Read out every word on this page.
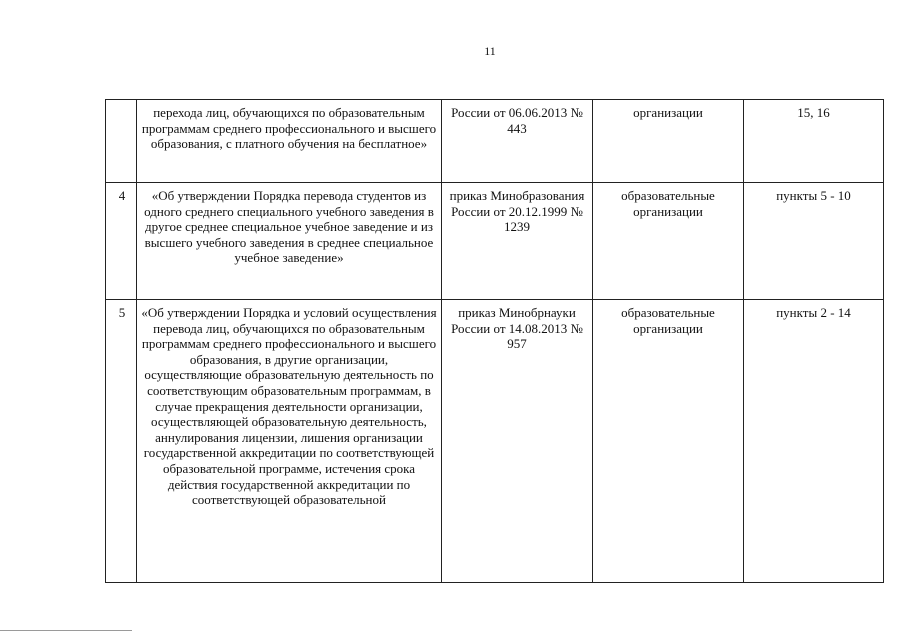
11
	перехода лиц, обучающихся по образовательным программам среднего профессионального и высшего образования, с платного обучения на бесплатное»	России от 06.06.2013 № 443	организации	15, 16
4	«Об утверждении Порядка перевода студентов из одного среднего специального учебного заведения в другое среднее специальное учебное заведение и из высшего учебного заведения в среднее специальное учебное заведение»	приказ Минобразования России от 20.12.1999 № 1239	образовательные организации	пункты 5 - 10
5	«Об утверждении Порядка и условий осуществления перевода лиц, обучающихся по образовательным программам среднего профессионального и высшего образования, в другие организации, осуществляющие образовательную деятельность по соответствующим образовательным программам, в случае прекращения деятельности организации, осуществляющей образовательную деятельность, аннулирования лицензии, лишения организации государственной аккредитации по соответствующей образовательной программе, истечения срока действия государственной аккредитации по соответствующей образовательной	приказ Минобрнауки России от 14.08.2013 № 957	образовательные организации	пункты 2 - 14
